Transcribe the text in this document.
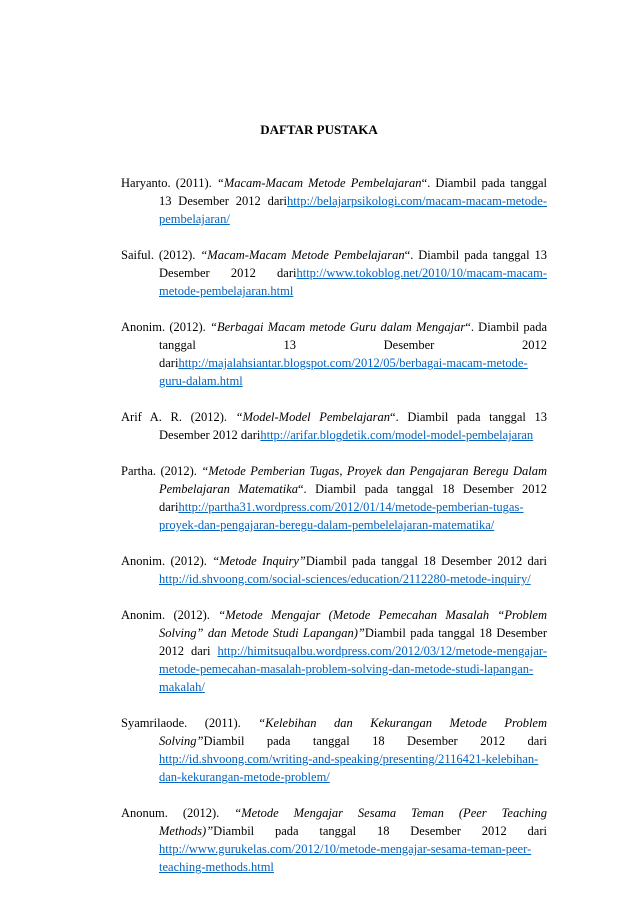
DAFTAR PUSTAKA

Haryanto. (2011). “Macam-Macam Metode Pembelajaran“. Diambil pada tanggal 13 Desember 2012 darihttp://belajarpsikologi.com/macam-macam-metode-pembelajaran/

Saiful. (2012). “Macam-Macam Metode Pembelajaran“. Diambil pada tanggal 13 Desember 2012 darihttp://www.tokoblog.net/2010/10/macam-macam-metode-pembelajaran.html

Anonim. (2012). “Berbagai Macam metode Guru dalam Mengajar“. Diambil pada tanggal 13 Desember 2012 darihttp://majalahsiantar.blogspot.com/2012/05/berbagai-macam-metode-guru-dalam.html

Arif A. R. (2012). “Model-Model Pembelajaran“. Diambil pada tanggal 13 Desember 2012 darihttp://arifar.blogdetik.com/model-model-pembelajaran

Partha. (2012). “Metode Pemberian Tugas, Proyek dan Pengajaran Beregu Dalam Pembelajaran Matematika“. Diambil pada tanggal 18 Desember 2012 darihttp://partha31.wordpress.com/2012/01/14/metode-pemberian-tugas-proyek-dan-pengajaran-beregu-dalam-pembelelajaran-matematika/

Anonim. (2012). “Metode Inquiry”Diambil pada tanggal 18 Desember 2012 dari http://id.shvoong.com/social-sciences/education/2112280-metode-inquiry/

Anonim. (2012). “Metode Mengajar (Metode Pemecahan Masalah “Problem Solving” dan Metode Studi Lapangan)”Diambil pada tanggal 18 Desember 2012 dari http://himitsuqalbu.wordpress.com/2012/03/12/metode-mengajar-metode-pemecahan-masalah-problem-solving-dan-metode-studi-lapangan-makalah/

Syamrilaode. (2011). “Kelebihan dan Kekurangan Metode Problem Solving”Diambil pada tanggal 18 Desember 2012 dari http://id.shvoong.com/writing-and-speaking/presenting/2116421-kelebihan-dan-kekurangan-metode-problem/

Anonum. (2012). “Metode Mengajar Sesama Teman (Peer Teaching Methods)”Diambil pada tanggal 18 Desember 2012 dari http://www.gurukelas.com/2012/10/metode-mengajar-sesama-teman-peer-teaching-methods.html
